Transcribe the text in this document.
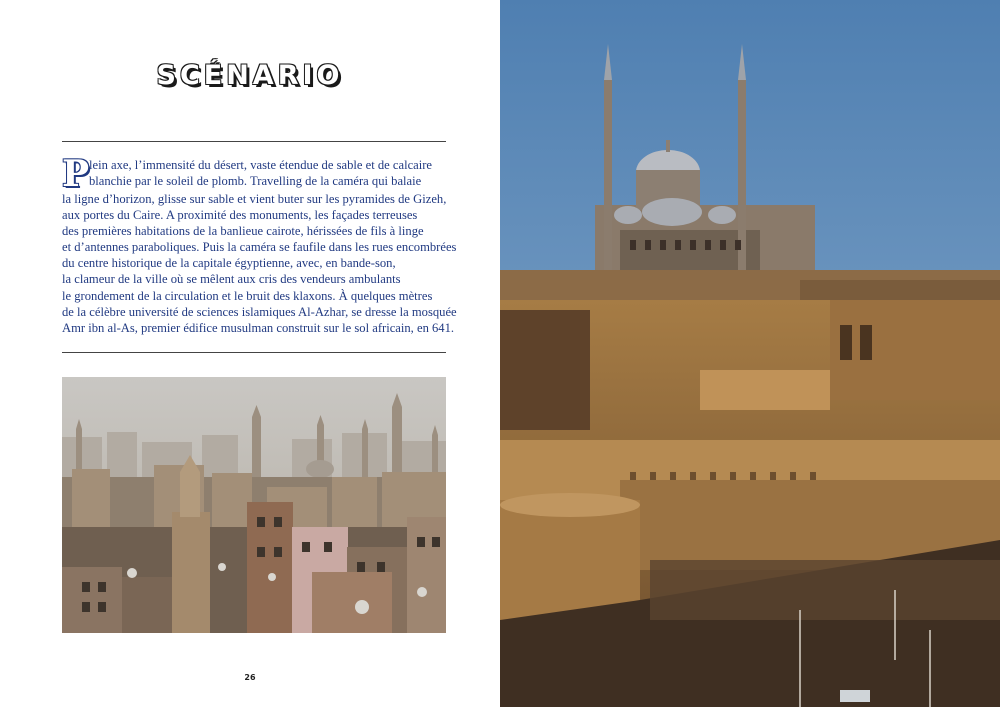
SCÉNARIO
P lein axe, l’immensité du désert, vaste étendue de sable et de calcaire
blanchie par le soleil de plomb. Travelling de la caméra qui balaie
la ligne d’horizon, glisse sur sable et vient buter sur les pyramides de Gizeh,
aux portes du Caire. A proximité des monuments, les façades terreuses
des premières habitations de la banlieue cairote, hérissées de fils à linge
et d’antennes paraboliques. Puis la caméra se faufile dans les rues encombrées
du centre historique de la capitale égyptienne, avec, en bande-son,
la clameur de la ville où se mêlent aux cris des vendeurs ambulants
le grondement de la circulation et le bruit des klaxons. À quelques mètres
de la célèbre université de sciences islamiques Al-Azhar, se dresse la mosquée
Amr ibn al-As, premier édifice musulman construit sur le sol africain, en 641.
26
